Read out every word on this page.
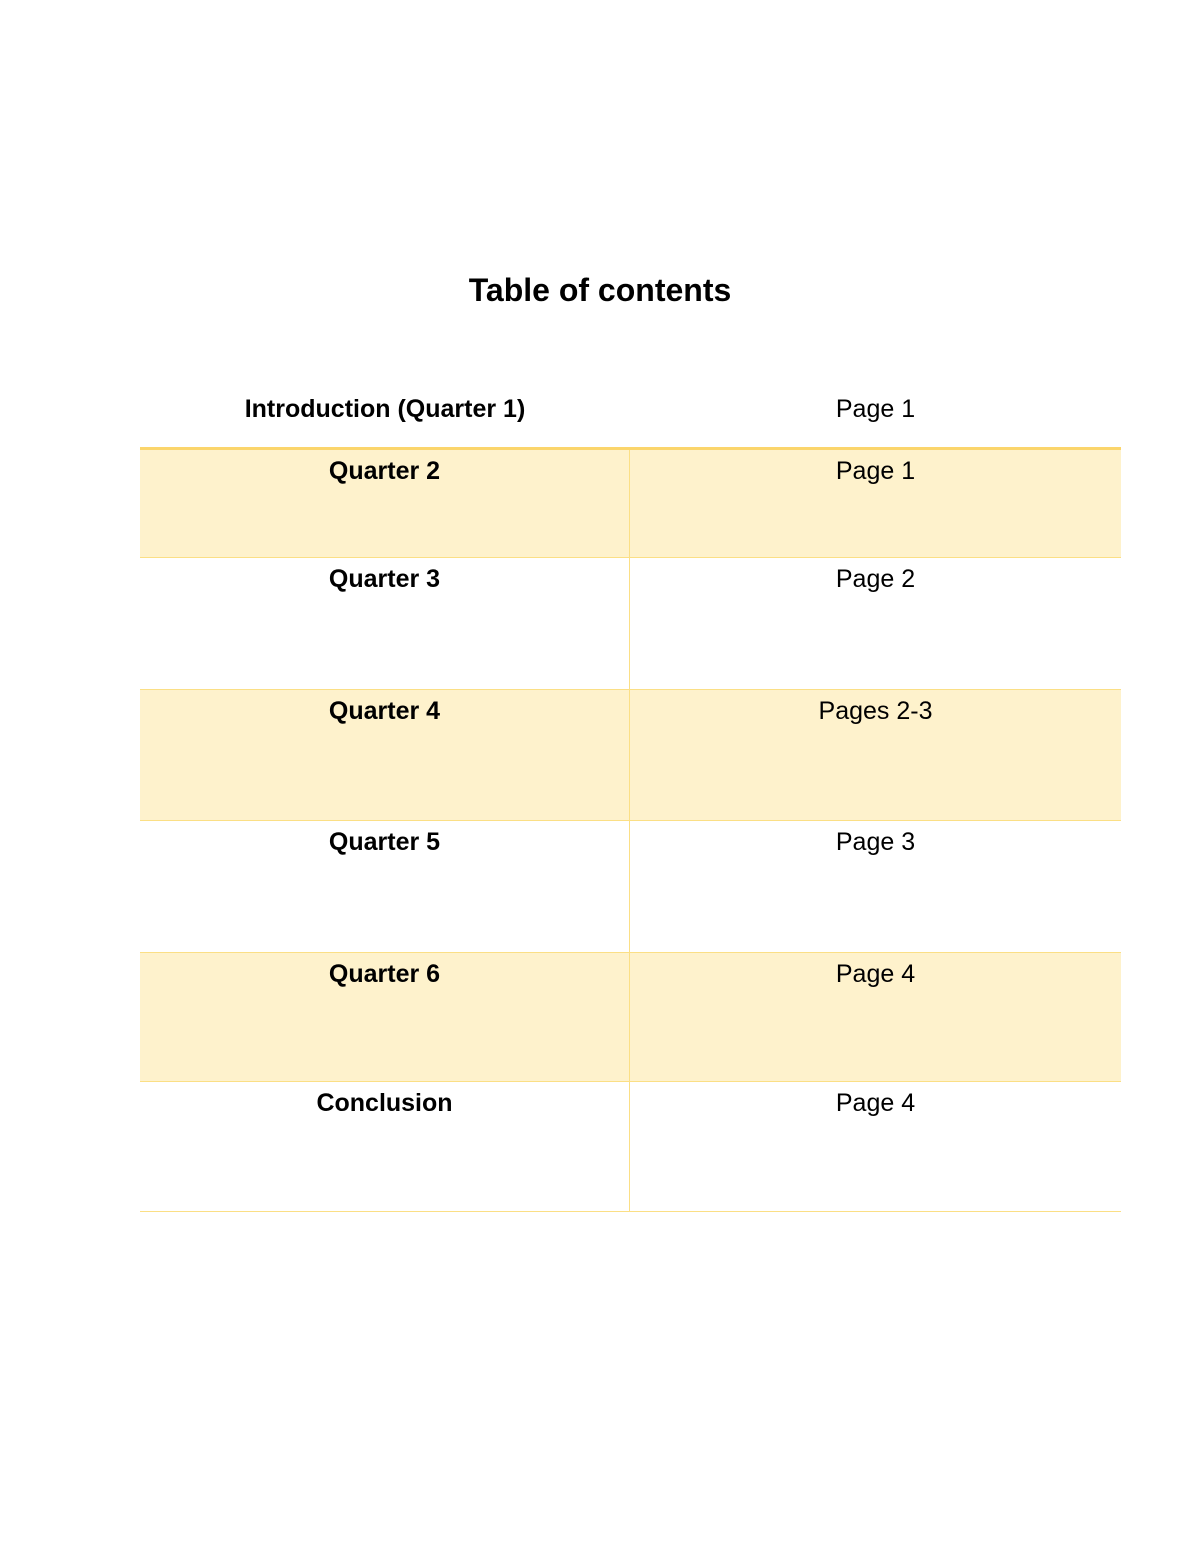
Table of contents
Introduction (Quarter 1)	Page 1
Quarter 2	Page 1
Quarter 3	Page 2
Quarter 4	Pages 2-3
Quarter 5	Page 3
Quarter 6	Page 4
Conclusion	Page 4
